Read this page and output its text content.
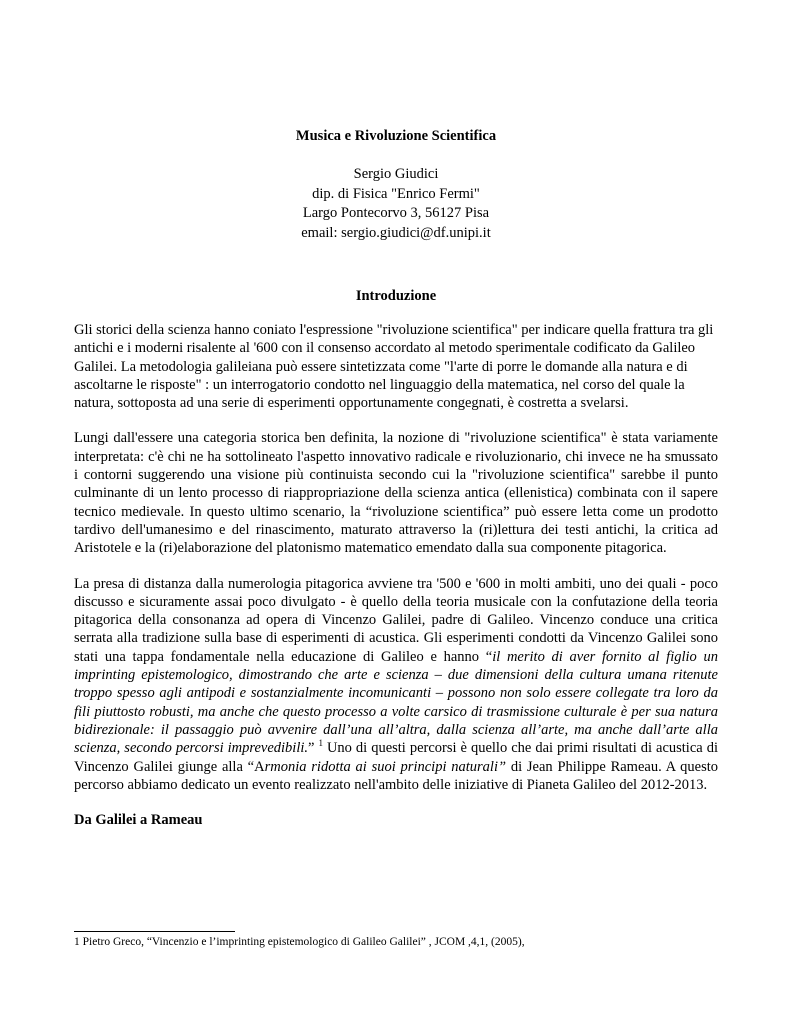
Musica e Rivoluzione Scientifica
Sergio Giudici
dip. di Fisica "Enrico Fermi"
Largo Pontecorvo 3, 56127 Pisa
email: sergio.giudici@df.unipi.it
Introduzione

Gli storici della scienza hanno coniato l'espressione "rivoluzione scientifica" per indicare quella frattura tra gli antichi e i moderni risalente al '600 con il consenso accordato al metodo sperimentale codificato da Galileo Galilei. La metodologia galileiana può essere sintetizzata come "l'arte di porre le domande alla natura e di ascoltarne le risposte" : un interrogatorio condotto nel linguaggio della matematica, nel corso del quale la natura, sottoposta ad una serie di esperimenti opportunamente congegnati, è costretta a svelarsi.

Lungi dall'essere una categoria storica ben definita, la nozione di "rivoluzione scientifica" è stata variamente interpretata: c'è chi ne ha sottolineato l'aspetto innovativo radicale e rivoluzionario, chi invece ne ha smussato i contorni suggerendo una visione più continuista secondo cui la "rivoluzione scientifica" sarebbe il punto culminante di un lento processo di riappropriazione della scienza antica (ellenistica) combinata con il sapere tecnico medievale. In questo ultimo scenario, la “rivoluzione scientifica” può essere letta come un prodotto tardivo dell'umanesimo e del rinascimento, maturato attraverso la (ri)lettura dei testi antichi, la critica ad Aristotele e la (ri)elaborazione del platonismo matematico emendato dalla sua componente pitagorica.

La presa di distanza dalla numerologia pitagorica avviene tra '500 e '600 in molti ambiti, uno dei quali - poco discusso e sicuramente assai poco divulgato - è quello della teoria musicale con la confutazione della teoria pitagorica della consonanza ad opera di Vincenzo Galilei, padre di Galileo. Vincenzo conduce una critica serrata alla tradizione sulla base di esperimenti di acustica. Gli esperimenti condotti da Vincenzo Galilei sono stati una tappa fondamentale nella educazione di Galileo e hanno “il merito di aver fornito al figlio un imprinting epistemologico, dimostrando che arte e scienza – due dimensioni della cultura umana ritenute troppo spesso agli antipodi e sostanzialmente incomunicanti – possono non solo essere collegate tra loro da fili piuttosto robusti, ma anche che questo processo a volte carsico di trasmissione culturale è per sua natura bidirezionale: il passaggio può avvenire dall’una all’altra, dalla scienza all’arte, ma anche dall’arte alla scienza, secondo percorsi imprevedibili.” $^1$ Uno di questi percorsi è quello che dai primi risultati di acustica di Vincenzo Galilei giunge alla “Armonia ridotta ai suoi principi naturali” di Jean Philippe Rameau. A questo percorso abbiamo dedicato un evento realizzato nell'ambito delle iniziative di Pianeta Galileo del 2012-2013.

Da Galilei a Rameau
1 Pietro Greco, “Vincenzio e l’imprinting epistemologico di Galileo Galilei” , JCOM ,4,1, (2005),
